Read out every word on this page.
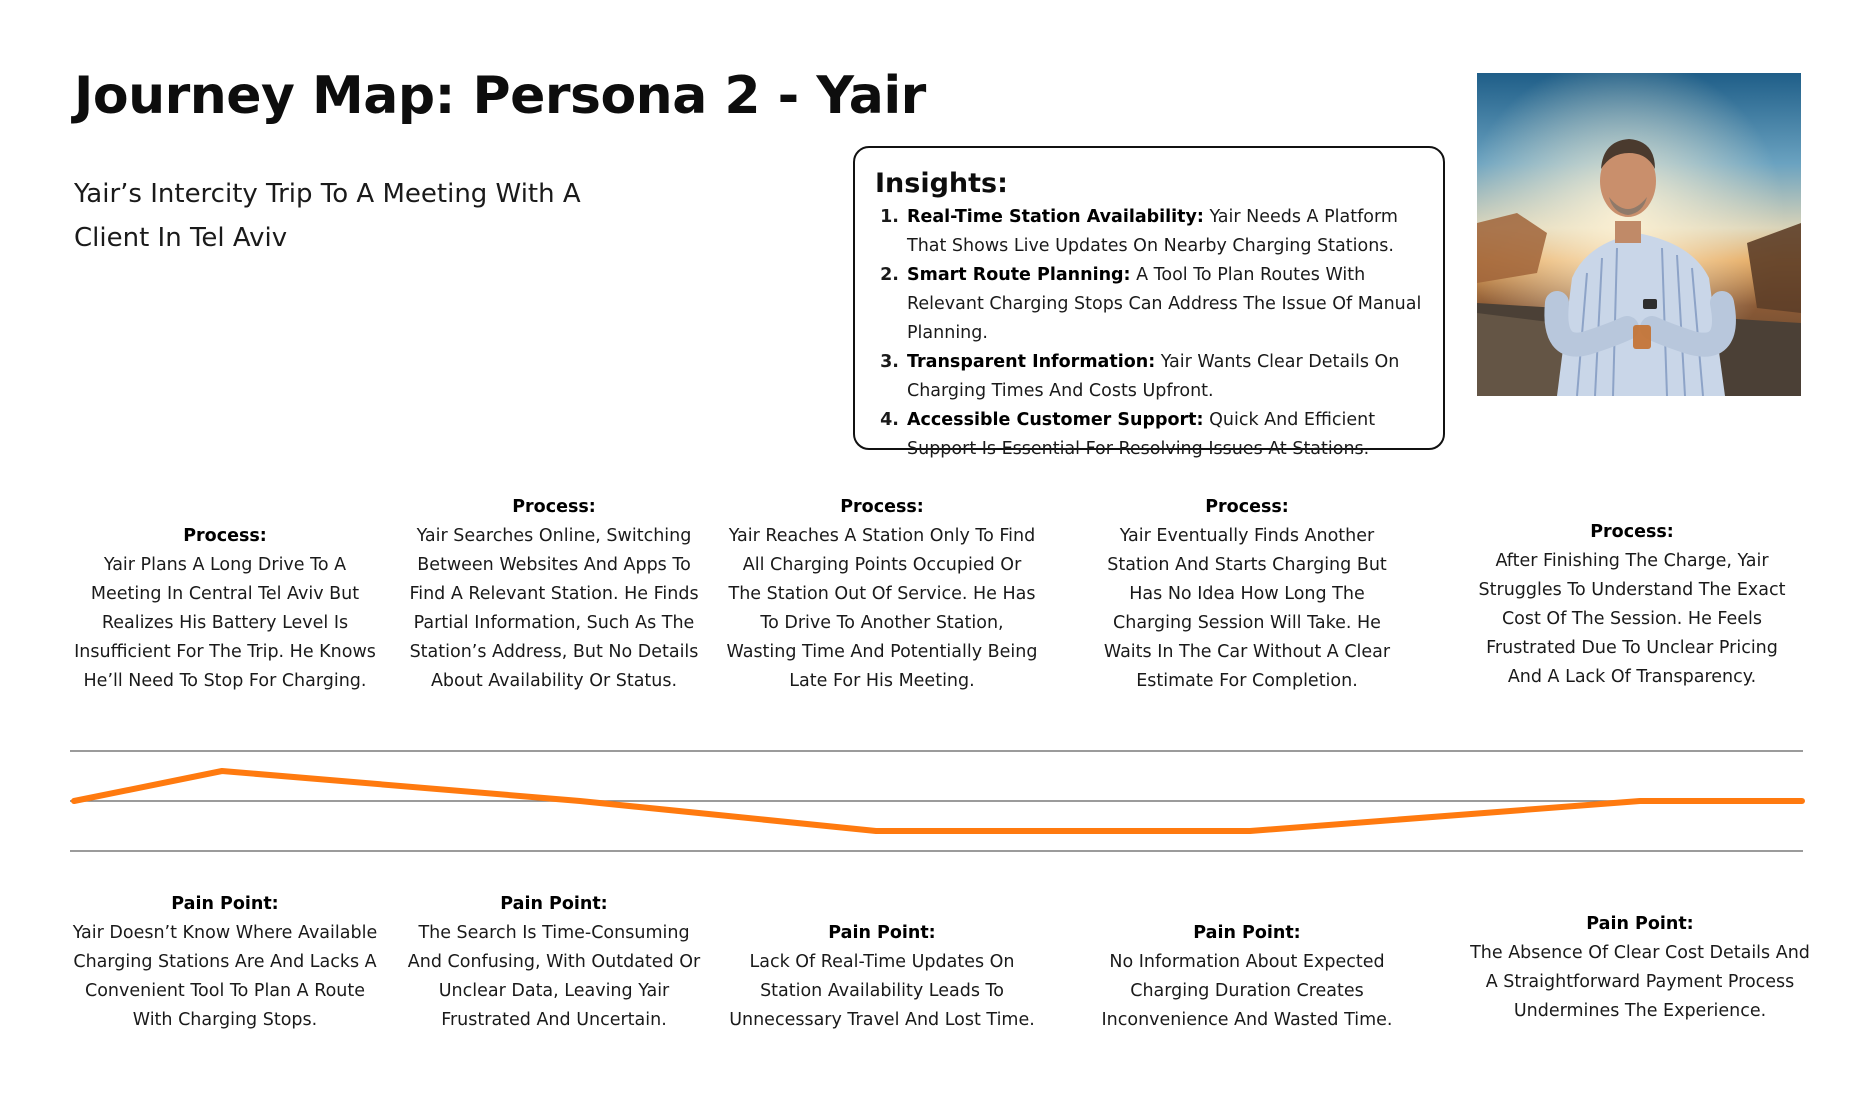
Journey Map: Persona 2 - Yair

Yair’s Intercity Trip To A Meeting With A Client In Tel Aviv

Insights:
1. Real-Time Station Availability: Yair Needs A Platform That Shows Live Updates On Nearby Charging Stations.
2. Smart Route Planning: A Tool To Plan Routes With Relevant Charging Stops Can Address The Issue Of Manual Planning.
3. Transparent Information: Yair Wants Clear Details On Charging Times And Costs Upfront.
4. Accessible Customer Support: Quick And Efficient Support Is Essential For Resolving Issues At Stations.
Process:
Yair Plans A Long Drive To A Meeting In Central Tel Aviv But Realizes His Battery Level Is Insufficient For The Trip. He Knows He’ll Need To Stop For Charging.
Process:
Yair Searches Online, Switching Between Websites And Apps To Find A Relevant Station. He Finds Partial Information, Such As The Station’s Address, But No Details About Availability Or Status.
Process:
Yair Reaches A Station Only To Find All Charging Points Occupied Or The Station Out Of Service. He Has To Drive To Another Station, Wasting Time And Potentially Being Late For His Meeting.
Process:
Yair Eventually Finds Another Station And Starts Charging But Has No Idea How Long The Charging Session Will Take. He Waits In The Car Without A Clear Estimate For Completion.
Process:
After Finishing The Charge, Yair Struggles To Understand The Exact Cost Of The Session. He Feels Frustrated Due To Unclear Pricing And A Lack Of Transparency.
Pain Point:
Yair Doesn’t Know Where Available Charging Stations Are And Lacks A Convenient Tool To Plan A Route With Charging Stops.
Pain Point:
The Search Is Time-Consuming And Confusing, With Outdated Or Unclear Data, Leaving Yair Frustrated And Uncertain.
Pain Point:
Lack Of Real-Time Updates On Station Availability Leads To Unnecessary Travel And Lost Time.
Pain Point:
No Information About Expected Charging Duration Creates Inconvenience And Wasted Time.
Pain Point:
The Absence Of Clear Cost Details And A Straightforward Payment Process Undermines The Experience.
